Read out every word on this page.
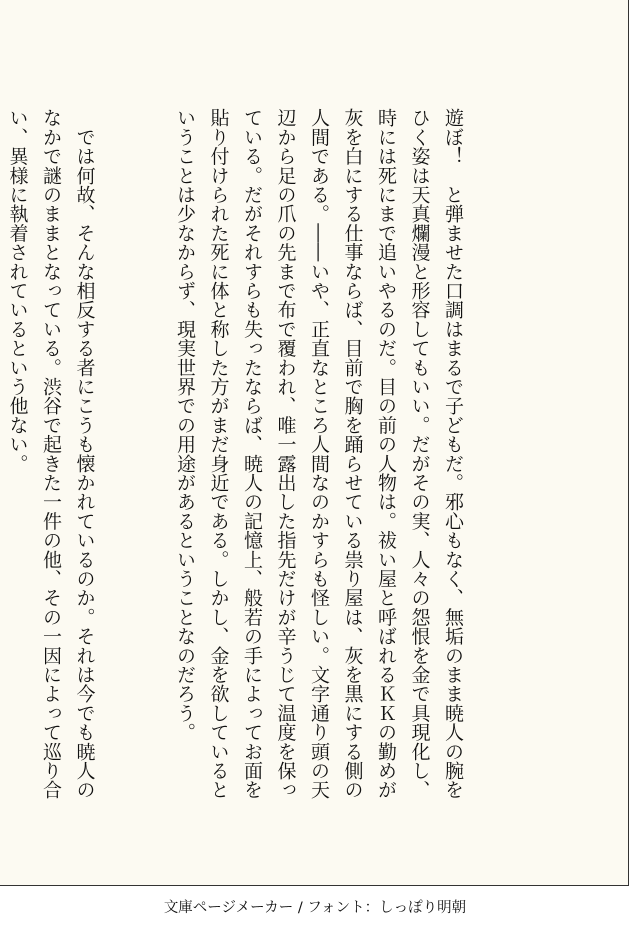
遊ぼ！　と弾ませた口調はまるで子どもだ。邪心もなく、無垢のまま暁人の腕をひく姿は天真爛漫と形容してもいい。だがその実、人々の怨恨を金で具現化し、時には死にまで追いやるのだ。目の前の人物は。祓い屋と呼ばれるＫＫの勤めが灰を白にする仕事ならば、目前で胸を踊らせている祟り屋は、灰を黒にする側の人間である。――いや、正直なところ人間なのかすらも怪しい。文字通り頭の天辺から足の爪の先まで布で覆われ、唯一露出した指先だけが辛うじて温度を保っている。だがそれすらも失ったならば、暁人の記憶上、般若の手によってお面を貼り付けられた死に体と称した方がまだ身近である。しかし、金を欲しているということは少なからず、現実世界での用途があるということなのだろう。

　では何故、そんな相反する者にこうも懐かれているのか。それは今でも暁人のなかで謎のままとなっている。渋谷で起きた一件の他、その一因によって巡り合い、異様に執着されているという他ない。

文庫ページメーカー / フォント：しっぽり明朝
